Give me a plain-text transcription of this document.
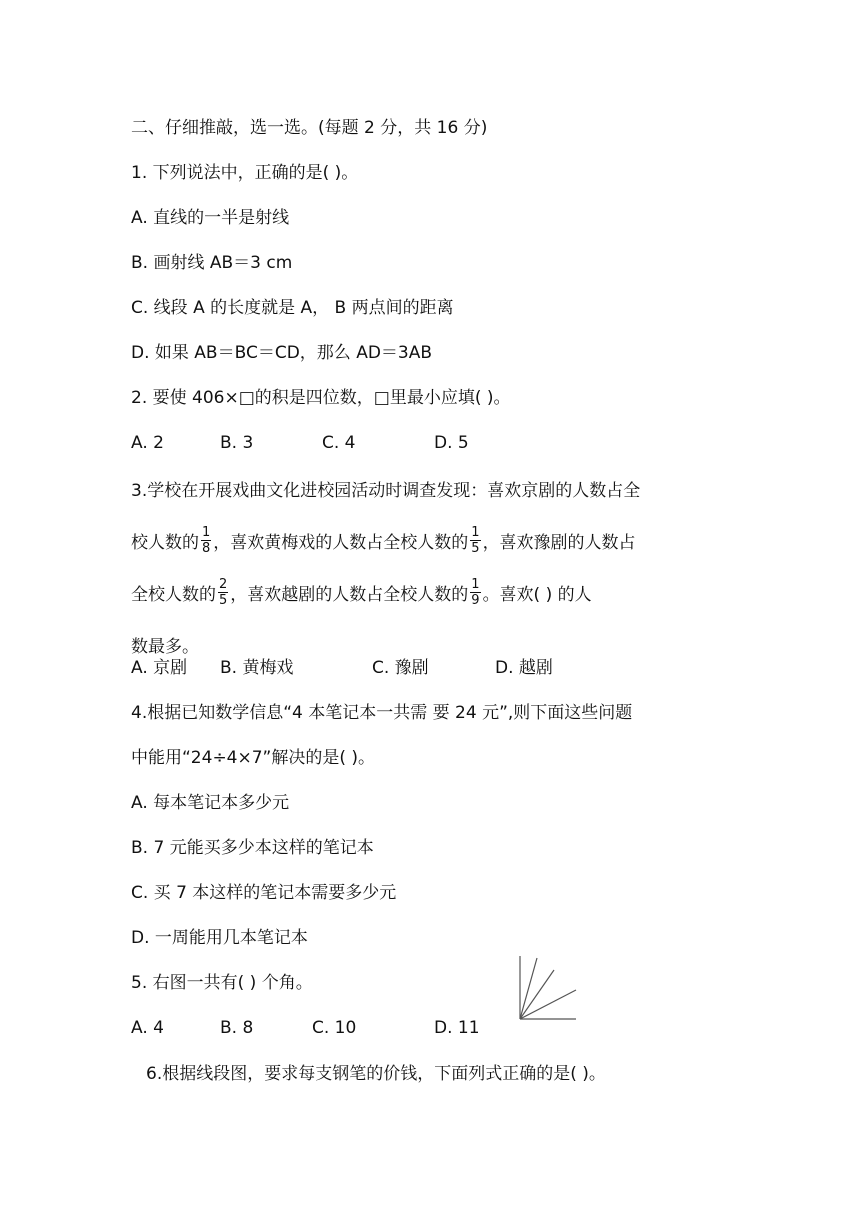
二、仔细推敲，选一选。(每题 2 分，共 16 分)
1. 下列说法中，正确的是( )。
A. 直线的一半是射线
B. 画射线 AB＝3 cm
C. 线段 A 的长度就是 A， B 两点间的距离
D. 如果 AB＝BC＝CD，那么 AD＝3AB
2. 要使 406×□的积是四位数，□里最小应填( )。
A. 2	B. 3	C. 4	D. 5
3.学校在开展戏曲文化进校园活动时调查发现：喜欢京剧的人数占全
校人数的 $\frac{1}{8}$ ，喜欢黄梅戏的人数占全校人数的 $\frac{1}{5}$ ，喜欢豫剧的人数占
全校人数的 $\frac{2}{5}$ ，喜欢越剧的人数占全校人数的 $\frac{1}{9}$ 。喜欢( ) 的人
数最多。
A. 京剧 B. 黄梅戏	C. 豫剧	D. 越剧
4.根据已知数学信息“4 本笔记本一共需 要 24 元”,则下面这些问题
中能用“24÷4×7”解决的是( )。
A. 每本笔记本多少元
B. 7 元能买多少本这样的笔记本
C. 买 7 本这样的笔记本需要多少元
D. 一周能用几本笔记本
5. 右图一共有( ) 个角。
A. 4	B. 8	C. 10	D. 11
6.根据线段图，要求每支钢笔的价钱，下面列式正确的是( )。
